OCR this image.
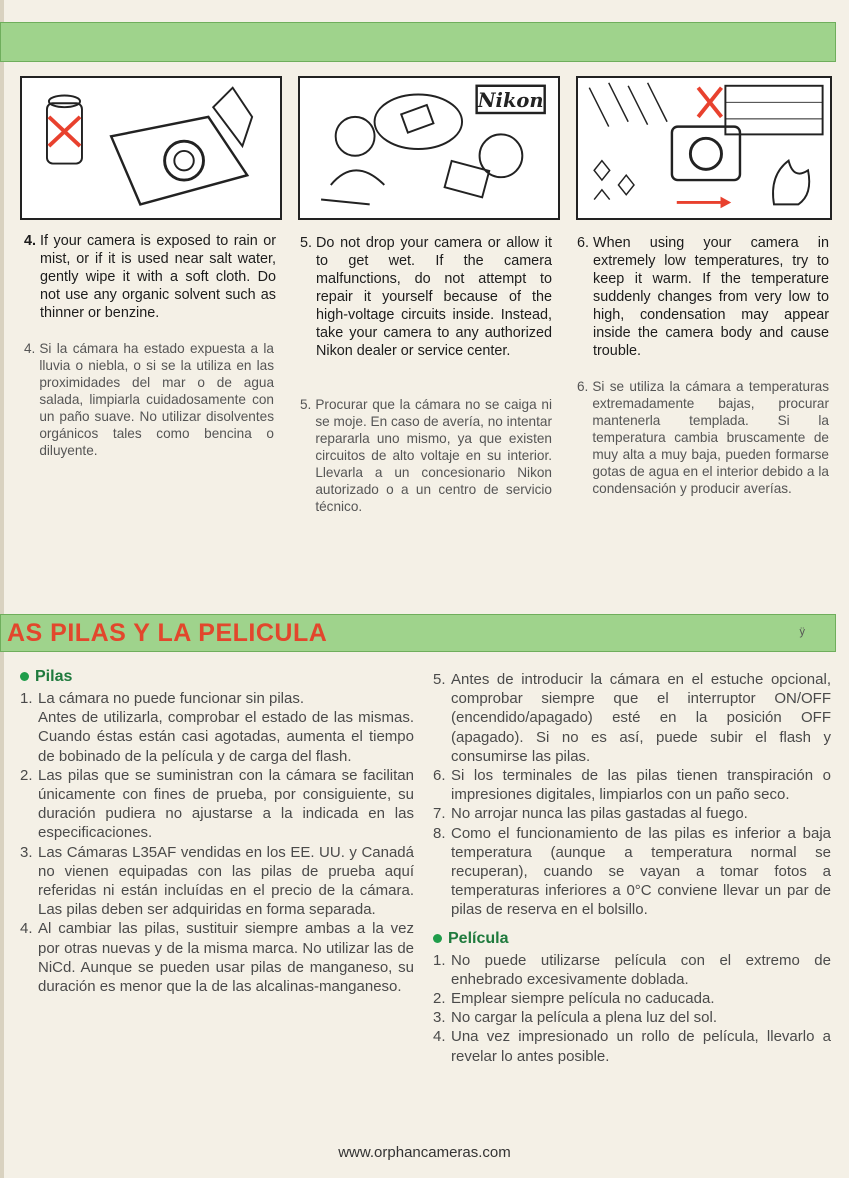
Nikon
4. If your camera is exposed to rain or mist, or if it is used near salt water, gently wipe it with a soft cloth. Do not use any organic solvent such as thinner or benzine.
4. Si la cámara ha estado expuesta a la lluvia o niebla, o si se la utiliza en las proximidades del mar o de agua salada, limpiarla cuidadosamente con un paño suave. No utilizar disolventes orgánicos tales como bencina o diluyente.
5. Do not drop your camera or allow it to get wet. If the camera malfunctions, do not attempt to repair it yourself because of the high-voltage circuits inside. Instead, take your camera to any authorized Nikon dealer or service center.
5. Procurar que la cámara no se caiga ni se moje. En caso de avería, no intentar repararla uno mismo, ya que existen circuitos de alto voltaje en su interior. Llevarla a un concesionario Nikon autorizado o a un centro de servicio técnico.
6. When using your camera in extremely low temperatures, try to keep it warm. If the temperature suddenly changes from very low to high, condensation may appear inside the camera body and cause trouble.
6. Si se utiliza la cámara a temperaturas extremadamente bajas, procurar mantenerla templada. Si la temperatura cambia bruscamente de muy alta a muy baja, pueden formarse gotas de agua en el interior debido a la condensación y producir averías.
AS PILAS Y LA PELICULA	ÿ
Pilas
1. La cámara no puede funcionar sin pilas.
Antes de utilizarla, comprobar el estado de las mismas. Cuando éstas están casi agotadas, aumenta el tiempo de bobinado de la película y de carga del flash.
2. Las pilas que se suministran con la cámara se facilitan únicamente con fines de prueba, por consiguiente, su duración pudiera no ajustarse a la indicada en las especificaciones.
3. Las Cámaras L35AF vendidas en los EE. UU. y Canadá no vienen equipadas con las pilas de prueba aquí referidas ni están incluídas en el precio de la cámara. Las pilas deben ser adquiridas en forma separada.
4. Al cambiar las pilas, sustituir siempre ambas a la vez por otras nuevas y de la misma marca. No utilizar las de NiCd. Aunque se pueden usar pilas de manganeso, su duración es menor que la de las alcalinas-manganeso.
5. Antes de introducir la cámara en el estuche opcional, comprobar siempre que el interruptor ON/OFF (encendido/apagado) esté en la posición OFF (apagado). Si no es así, puede subir el flash y consumirse las pilas.
6. Si los terminales de las pilas tienen transpiración o impresiones digitales, limpiarlos con un paño seco.
7. No arrojar nunca las pilas gastadas al fuego.
8. Como el funcionamiento de las pilas es inferior a baja temperatura (aunque a temperatura normal se recuperan), cuando se vayan a tomar fotos a temperaturas inferiores a 0°C conviene llevar un par de pilas de reserva en el bolsillo.
Película
1. No puede utilizarse película con el extremo de enhebrado excesivamente doblada.
2. Emplear siempre película no caducada.
3. No cargar la película a plena luz del sol.
4. Una vez impresionado un rollo de película, llevarlo a revelar lo antes posible.
www.orphancameras.com
